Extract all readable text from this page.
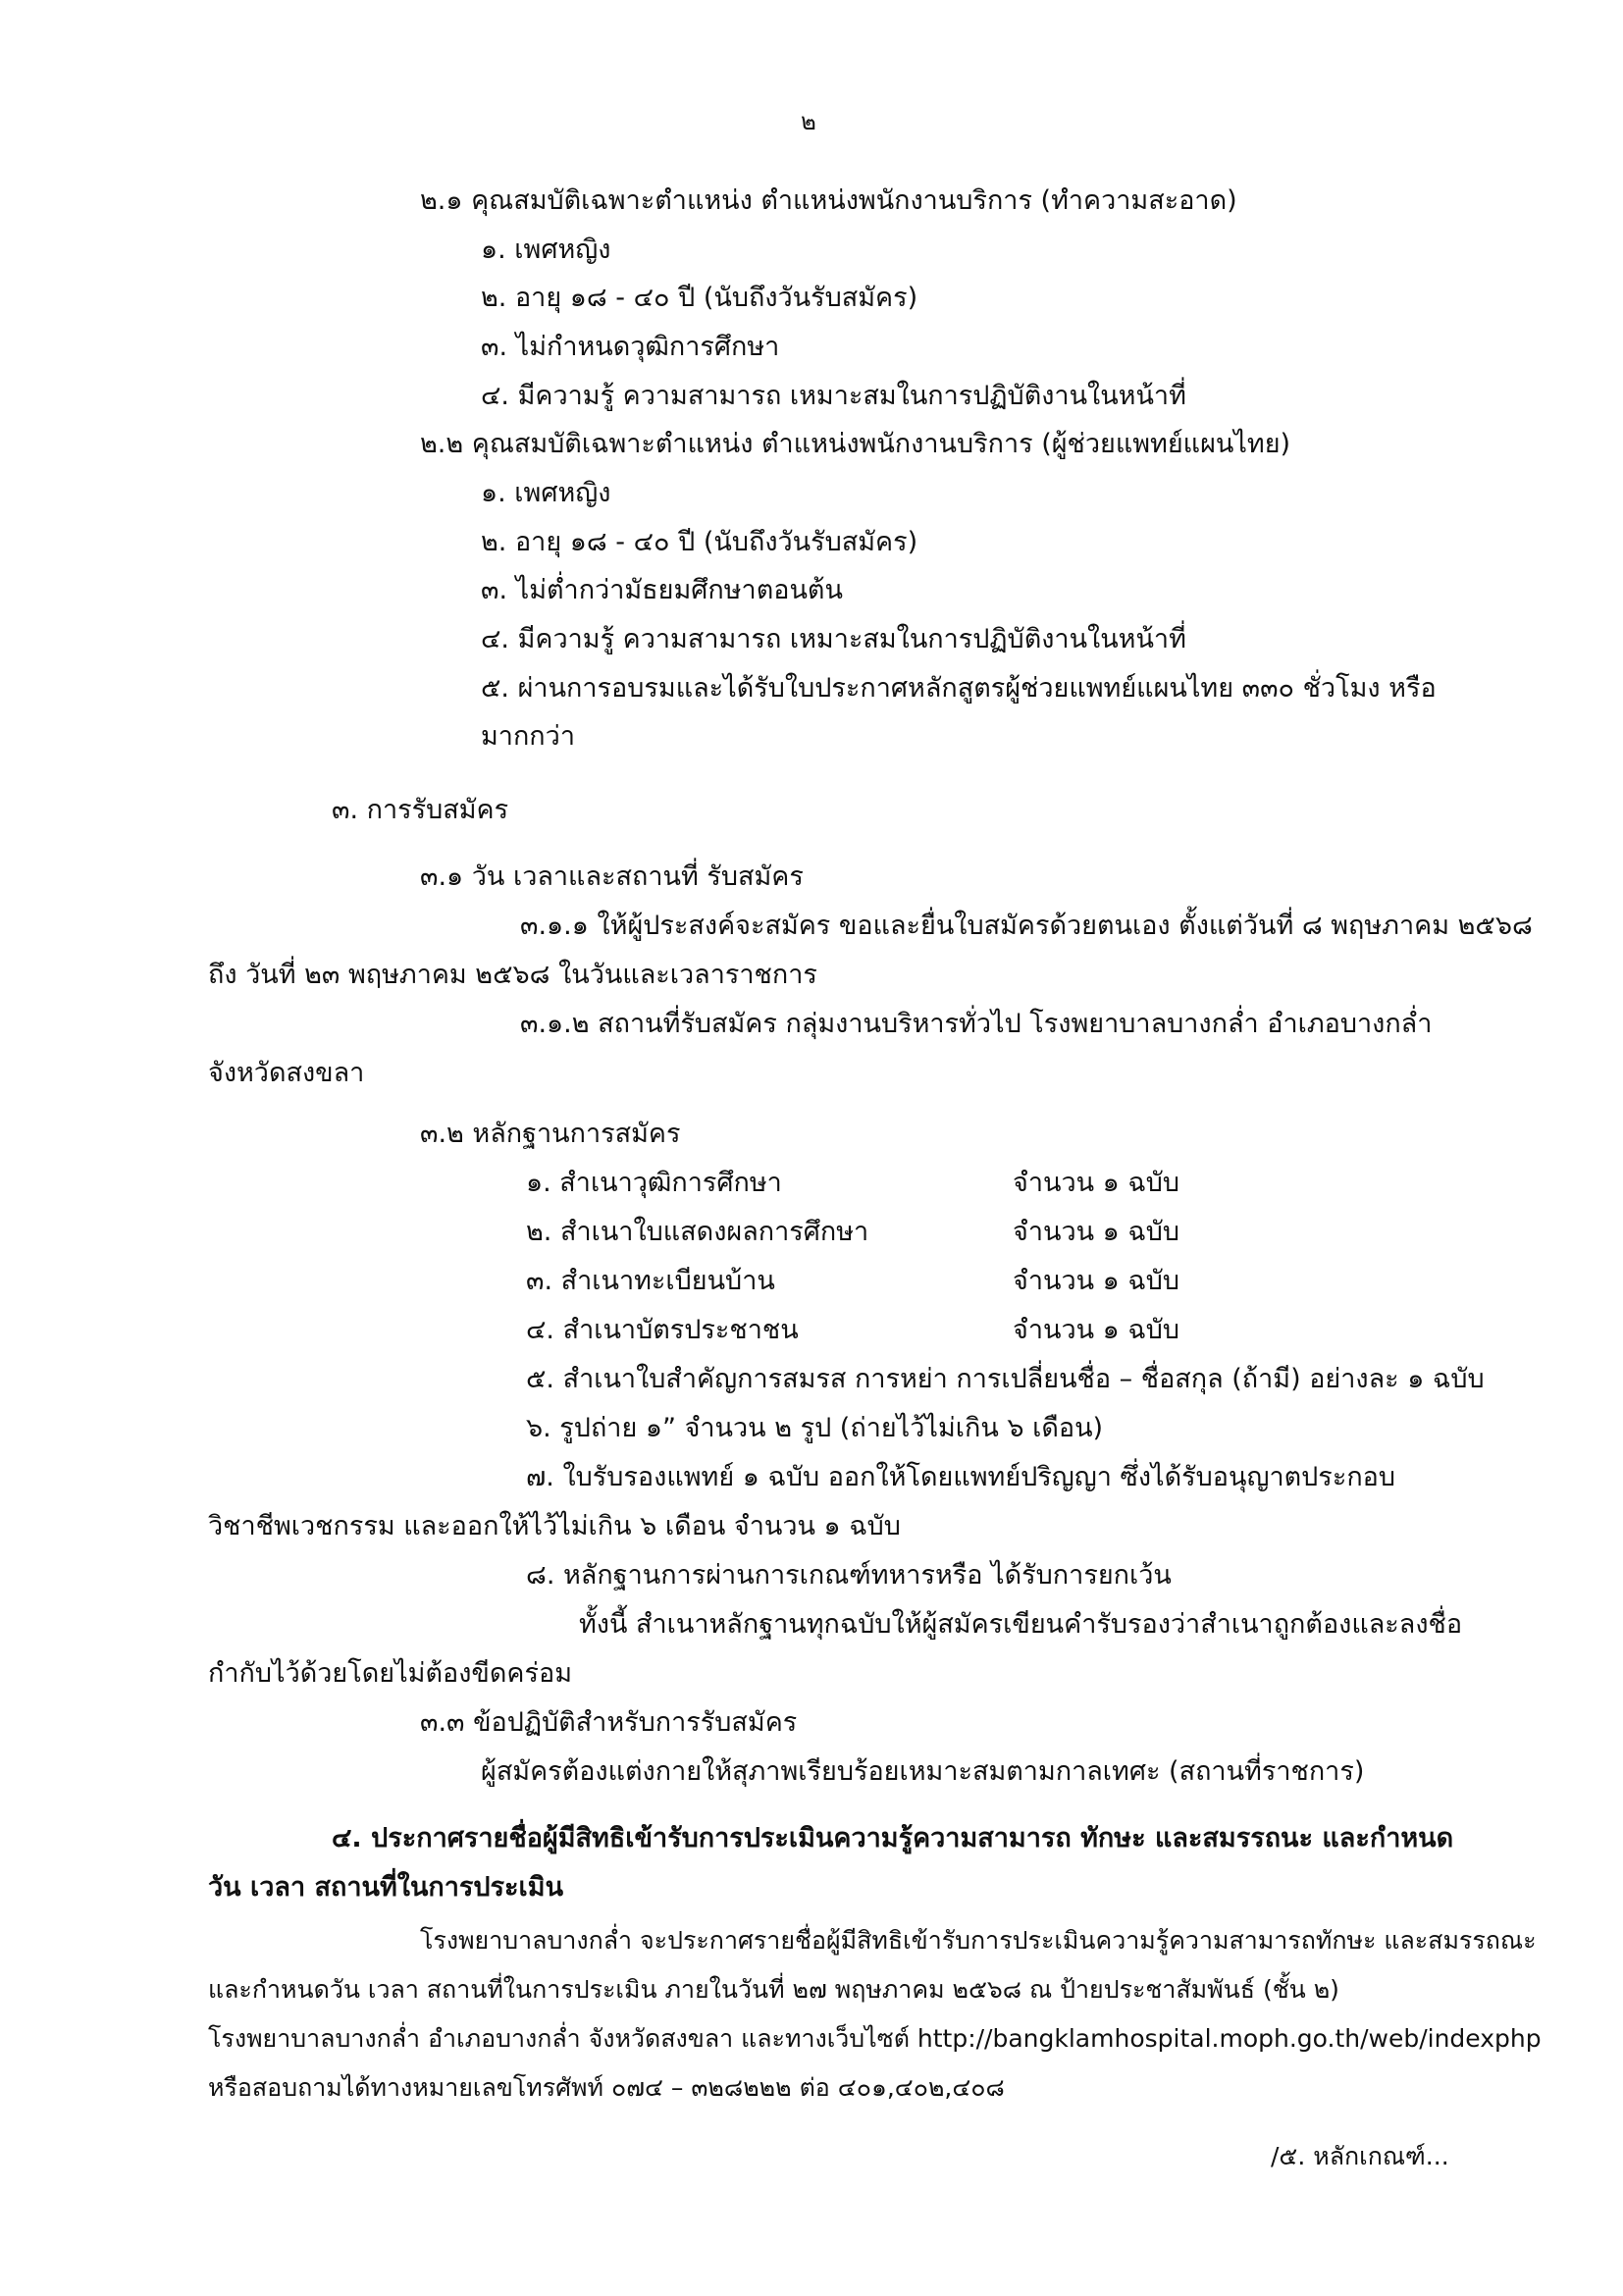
๒
๒.๑ คุณสมบัติเฉพาะตำแหน่ง ตำแหน่งพนักงานบริการ (ทำความสะอาด)
๑. เพศหญิง
๒. อายุ ๑๘ - ๔๐ ปี (นับถึงวันรับสมัคร)
๓. ไม่กำหนดวุฒิการศึกษา
๔. มีความรู้ ความสามารถ เหมาะสมในการปฏิบัติงานในหน้าที่
๒.๒ คุณสมบัติเฉพาะตำแหน่ง ตำแหน่งพนักงานบริการ (ผู้ช่วยแพทย์แผนไทย)
๑. เพศหญิง
๒. อายุ ๑๘ - ๔๐ ปี (นับถึงวันรับสมัคร)
๓. ไม่ต่ำกว่ามัธยมศึกษาตอนต้น
๔. มีความรู้ ความสามารถ เหมาะสมในการปฏิบัติงานในหน้าที่
๕. ผ่านการอบรมและได้รับใบประกาศหลักสูตรผู้ช่วยแพทย์แผนไทย ๓๓๐ ชั่วโมง หรือ
มากกว่า
๓. การรับสมัคร
๓.๑ วัน เวลาและสถานที่ รับสมัคร
๓.๑.๑ ให้ผู้ประสงค์จะสมัคร ขอและยื่นใบสมัครด้วยตนเอง ตั้งแต่วันที่ ๘ พฤษภาคม ๒๕๖๘
ถึง วันที่ ๒๓ พฤษภาคม ๒๕๖๘ ในวันและเวลาราชการ
๓.๑.๒ สถานที่รับสมัคร กลุ่มงานบริหารทั่วไป โรงพยาบาลบางกล่ำ อำเภอบางกล่ำ
จังหวัดสงขลา
๓.๒ หลักฐานการสมัคร
๑. สำเนาวุฒิการศึกษา	จำนวน ๑ ฉบับ
๒. สำเนาใบแสดงผลการศึกษา	จำนวน ๑ ฉบับ
๓. สำเนาทะเบียนบ้าน	จำนวน ๑ ฉบับ
๔. สำเนาบัตรประชาชน	จำนวน ๑ ฉบับ
๕. สำเนาใบสำคัญการสมรส การหย่า การเปลี่ยนชื่อ – ชื่อสกุล (ถ้ามี) อย่างละ ๑ ฉบับ
๖. รูปถ่าย ๑” จำนวน ๒ รูป (ถ่ายไว้ไม่เกิน ๖ เดือน)
๗. ใบรับรองแพทย์ ๑ ฉบับ ออกให้โดยแพทย์ปริญญา ซึ่งได้รับอนุญาตประกอบ
วิชาชีพเวชกรรม และออกให้ไว้ไม่เกิน ๖ เดือน จำนวน ๑ ฉบับ
๘. หลักฐานการผ่านการเกณฑ์ทหารหรือ ได้รับการยกเว้น
ทั้งนี้ สำเนาหลักฐานทุกฉบับให้ผู้สมัครเขียนคำรับรองว่าสำเนาถูกต้องและลงชื่อ
กำกับไว้ด้วยโดยไม่ต้องขีดคร่อม
๓.๓ ข้อปฏิบัติสำหรับการรับสมัคร
ผู้สมัครต้องแต่งกายให้สุภาพเรียบร้อยเหมาะสมตามกาลเทศะ (สถานที่ราชการ)
๔. ประกาศรายชื่อผู้มีสิทธิเข้ารับการประเมินความรู้ความสามารถ ทักษะ และสมรรถนะ และกำหนด
วัน เวลา สถานที่ในการประเมิน
โรงพยาบาลบางกล่ำ จะประกาศรายชื่อผู้มีสิทธิเข้ารับการประเมินความรู้ความสามารถทักษะ และสมรรถณะ
และกำหนดวัน เวลา สถานที่ในการประเมิน ภายในวันที่ ๒๗ พฤษภาคม ๒๕๖๘ ณ ป้ายประชาสัมพันธ์ (ชั้น ๒)
โรงพยาบาลบางกล่ำ อำเภอบางกล่ำ จังหวัดสงขลา และทางเว็บไซต์ http://bangklamhospital.moph.go.th/web/indexphp
หรือสอบถามได้ทางหมายเลขโทรศัพท์ ๐๗๔ – ๓๒๘๒๒๒ ต่อ ๔๐๑,๔๐๒,๔๐๘
/๕. หลักเกณฑ์...
